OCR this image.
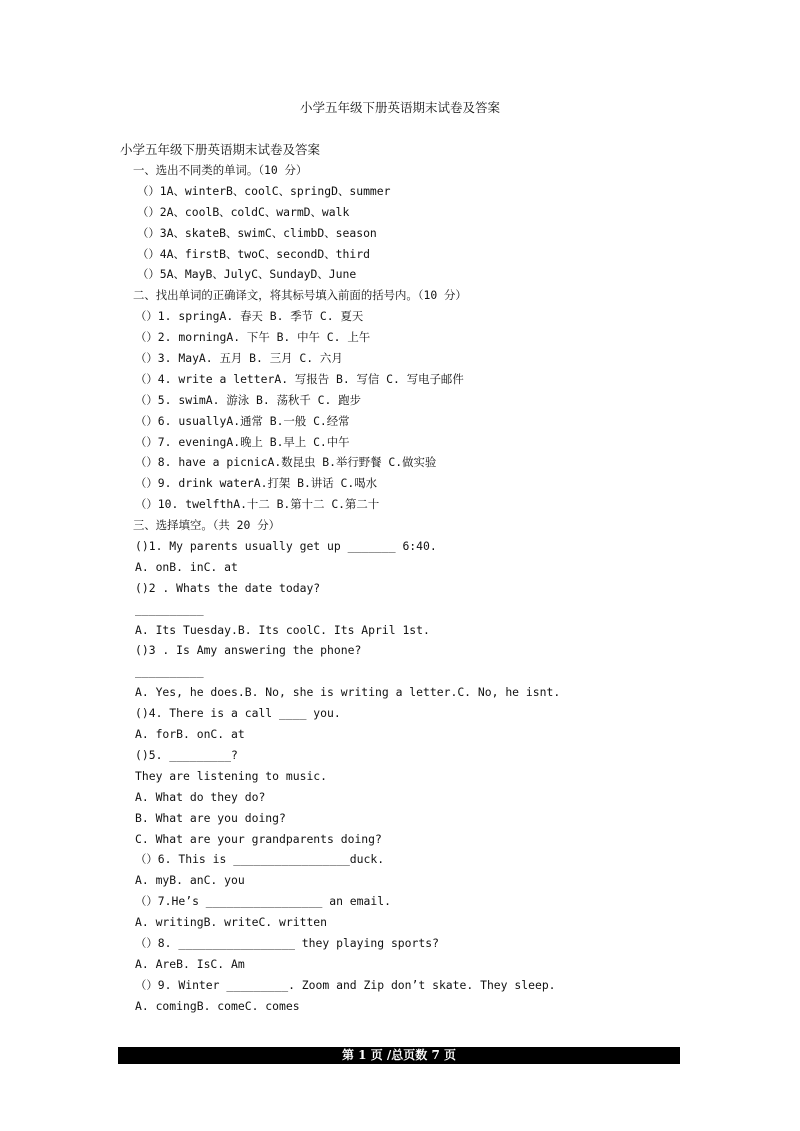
小学五年级下册英语期末试卷及答案
小学五年级下册英语期末试卷及答案
一、选出不同类的单词。（10 分）
（）1A、winterB、coolC、springD、summer
（）2A、coolB、coldC、warmD、walk
（）3A、skateB、swimC、climbD、season
（）4A、firstB、twoC、secondD、third
（）5A、MayB、JulyC、SundayD、June
二、找出单词的正确译文，将其标号填入前面的括号内。（10 分）
（）1. springA. 春天 B. 季节 C. 夏天
（）2. morningA. 下午 B. 中午 C. 上午
（）3. MayA. 五月 B. 三月 C. 六月
（）4. write a letterA. 写报告 B. 写信 C. 写电子邮件
（）5. swimA. 游泳 B. 荡秋千 C. 跑步
（）6. usuallyA.通常 B.一般 C.经常
（）7. eveningA.晚上 B.早上 C.中午
（）8. have a picnicA.数昆虫 B.举行野餐 C.做实验
（）9. drink waterA.打架 B.讲话 C.喝水
（）10. twelfthA.十二 B.第十二 C.第二十
三、选择填空。（共 20 分）
()1. My parents usually get up _______ 6:40.
A. onB. inC. at
()2 . Whats the date today?
__________
A. Its Tuesday.B. Its coolC. Its April 1st.
()3 . Is Amy answering the phone?
__________
A. Yes, he does.B. No, she is writing a letter.C. No, he isnt.
()4. There is a call ____ you.
A. forB. onC. at
()5. _________?
They are listening to music.
A. What do they do?
B. What are you doing?
C. What are your grandparents doing?
（）6. This is _________________duck.
A. myB. anC. you
（）7.He’s _________________ an email.
A. writingB. writeC. written
（）8. _________________ they playing sports?
A. AreB. IsC. Am
（）9. Winter _________. Zoom and Zip don’t skate. They sleep.
A. comingB. comeC. comes
第 1 页 /总页数 7 页
